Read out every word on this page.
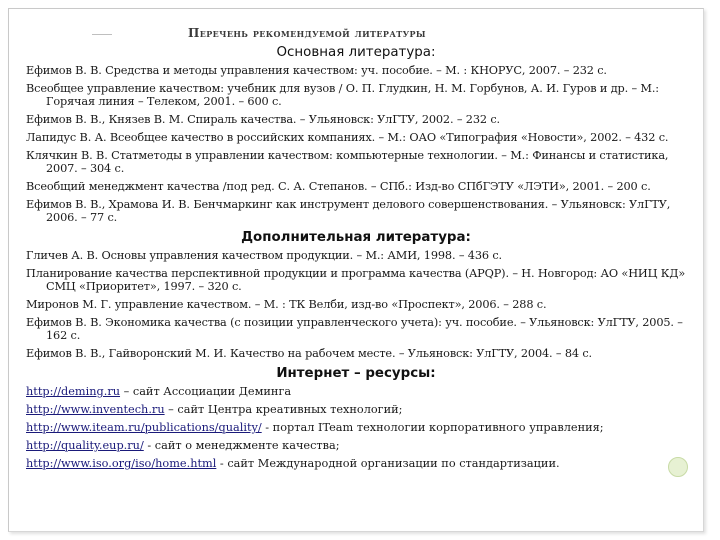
Перечень рекомендуемой литературы
Основная литература:

Ефимов В. В. Средства и методы управления качеством: уч. пособие. – М. : КНОРУС, 2007. – 232 с.

Всеобщее управление качеством: учебник для вузов / О. П. Глудкин, Н. М. Горбунов, А. И. Гуров и др. – М.: Горячая линия – Телеком, 2001. – 600 с.

Ефимов В. В., Князев В. М. Спираль качества. – Ульяновск: УлГТУ, 2002. – 232 с.

Лапидус В. А. Всеобщее качество в российских компаниях. – М.: ОАО «Типография «Новости», 2002. – 432 с.

Клячкин В. В. Статметоды в управлении качеством: компьютерные технологии. – М.: Финансы и статистика, 2007. – 304 с.

Всеобщий менеджмент качества /под ред. С. А. Степанов. – СПб.: Изд-во СПбГЭТУ «ЛЭТИ», 2001. – 200 с.

Ефимов В. В., Храмова И. В. Бенчмаркинг как инструмент делового совершенствования. – Ульяновск: УлГТУ, 2006. – 77 с.

Дополнительная литература:

Гличев А. В. Основы управления качеством продукции. – М.: АМИ, 1998. – 436 с.

Планирование качества перспективной продукции и программа качества (APQP). – Н. Новгород: АО «НИЦ КД» СМЦ «Приоритет», 1997. – 320 с.

Миронов М. Г. управление качеством. – М. : ТК Велби, изд-во «Проспект», 2006. – 288 с.

Ефимов В. В. Экономика качества (с позиции управленческого учета): уч. пособие. – Ульяновск: УлГТУ, 2005. – 162 с.

Ефимов В. В., Гайворонский М. И. Качество на рабочем месте. – Ульяновск: УлГТУ, 2004. – 84 с.

Интернет – ресурсы:
http://deming.ru – сайт Ассоциации Деминга
http://www.inventech.ru – сайт Центра креативных технологий;
http://www.iteam.ru/publications/quality/ - портал ITeam технологии корпоративного управления;
http://quality.eup.ru/ - сайт о менеджменте качества;
http://www.iso.org/iso/home.html - сайт Международной организации по стандартизации.
